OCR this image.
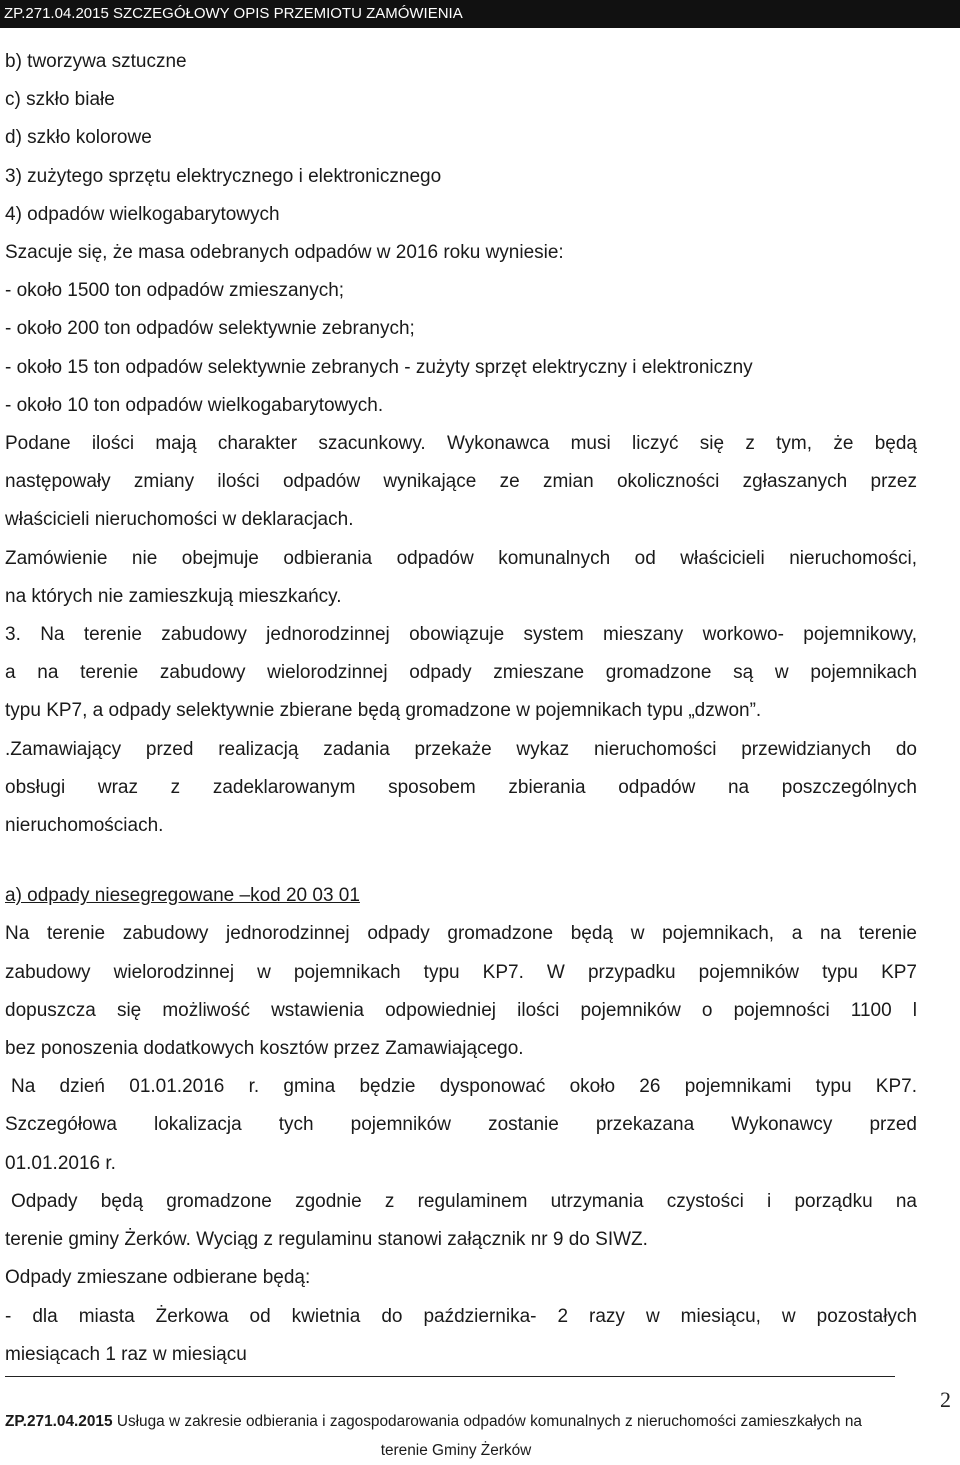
ZP.271.04.2015 SZCZEGÓŁOWY OPIS PRZEMIOTU ZAMÓWIENIA

b) tworzywa sztuczne

c) szkło białe

d) szkło kolorowe

3) zużytego sprzętu elektrycznego i elektronicznego

4) odpadów wielkogabarytowych

Szacuje się, że masa odebranych odpadów w 2016 roku wyniesie:

- około 1500 ton odpadów zmieszanych;

- około 200 ton odpadów selektywnie zebranych;

- około 15 ton odpadów selektywnie zebranych - zużyty sprzęt elektryczny i elektroniczny

- około 10 ton odpadów wielkogabarytowych.

Podane ilości mają charakter szacunkowy. Wykonawca musi liczyć się z tym, że będą

następowały zmiany ilości odpadów wynikające ze zmian okoliczności zgłaszanych przez

właścicieli nieruchomości w deklaracjach.

Zamówienie nie obejmuje odbierania odpadów komunalnych od właścicieli nieruchomości,

na których nie zamieszkują mieszkańcy.

3. Na terenie zabudowy jednorodzinnej obowiązuje system mieszany workowo- pojemnikowy,

a na terenie zabudowy wielorodzinnej odpady zmieszane gromadzone są w pojemnikach

typu KP7, a odpady selektywnie zbierane będą gromadzone w pojemnikach typu „dzwon”.

.Zamawiający przed realizacją zadania przekaże wykaz nieruchomości przewidzianych do

obsługi wraz z zadeklarowanym sposobem zbierania odpadów na poszczególnych

nieruchomościach.

a) odpady niesegregowane –kod 20 03 01

Na terenie zabudowy jednorodzinnej odpady gromadzone będą w pojemnikach, a na terenie

zabudowy wielorodzinnej w pojemnikach typu KP7. W przypadku pojemników typu KP7

dopuszcza się możliwość wstawienia odpowiedniej ilości pojemników o pojemności 1100 l

bez ponoszenia dodatkowych kosztów przez Zamawiającego.

Na dzień 01.01.2016 r. gmina będzie dysponować około 26 pojemnikami typu KP7.

Szczegółowa lokalizacja tych pojemników zostanie przekazana Wykonawcy przed

01.01.2016 r.

Odpady będą gromadzone zgodnie z regulaminem utrzymania czystości i porządku na

terenie gminy Żerków. Wyciąg z regulaminu stanowi załącznik nr 9 do SIWZ.

Odpady zmieszane odbierane będą:

- dla miasta Żerkowa od kwietnia do października- 2 razy w miesiącu, w pozostałych

miesiącach 1 raz w miesiącu

2
ZP.271.04.2015 Usługa w zakresie odbierania i zagospodarowania odpadów komunalnych z nieruchomości zamieszkałych na
terenie Gminy Żerków
